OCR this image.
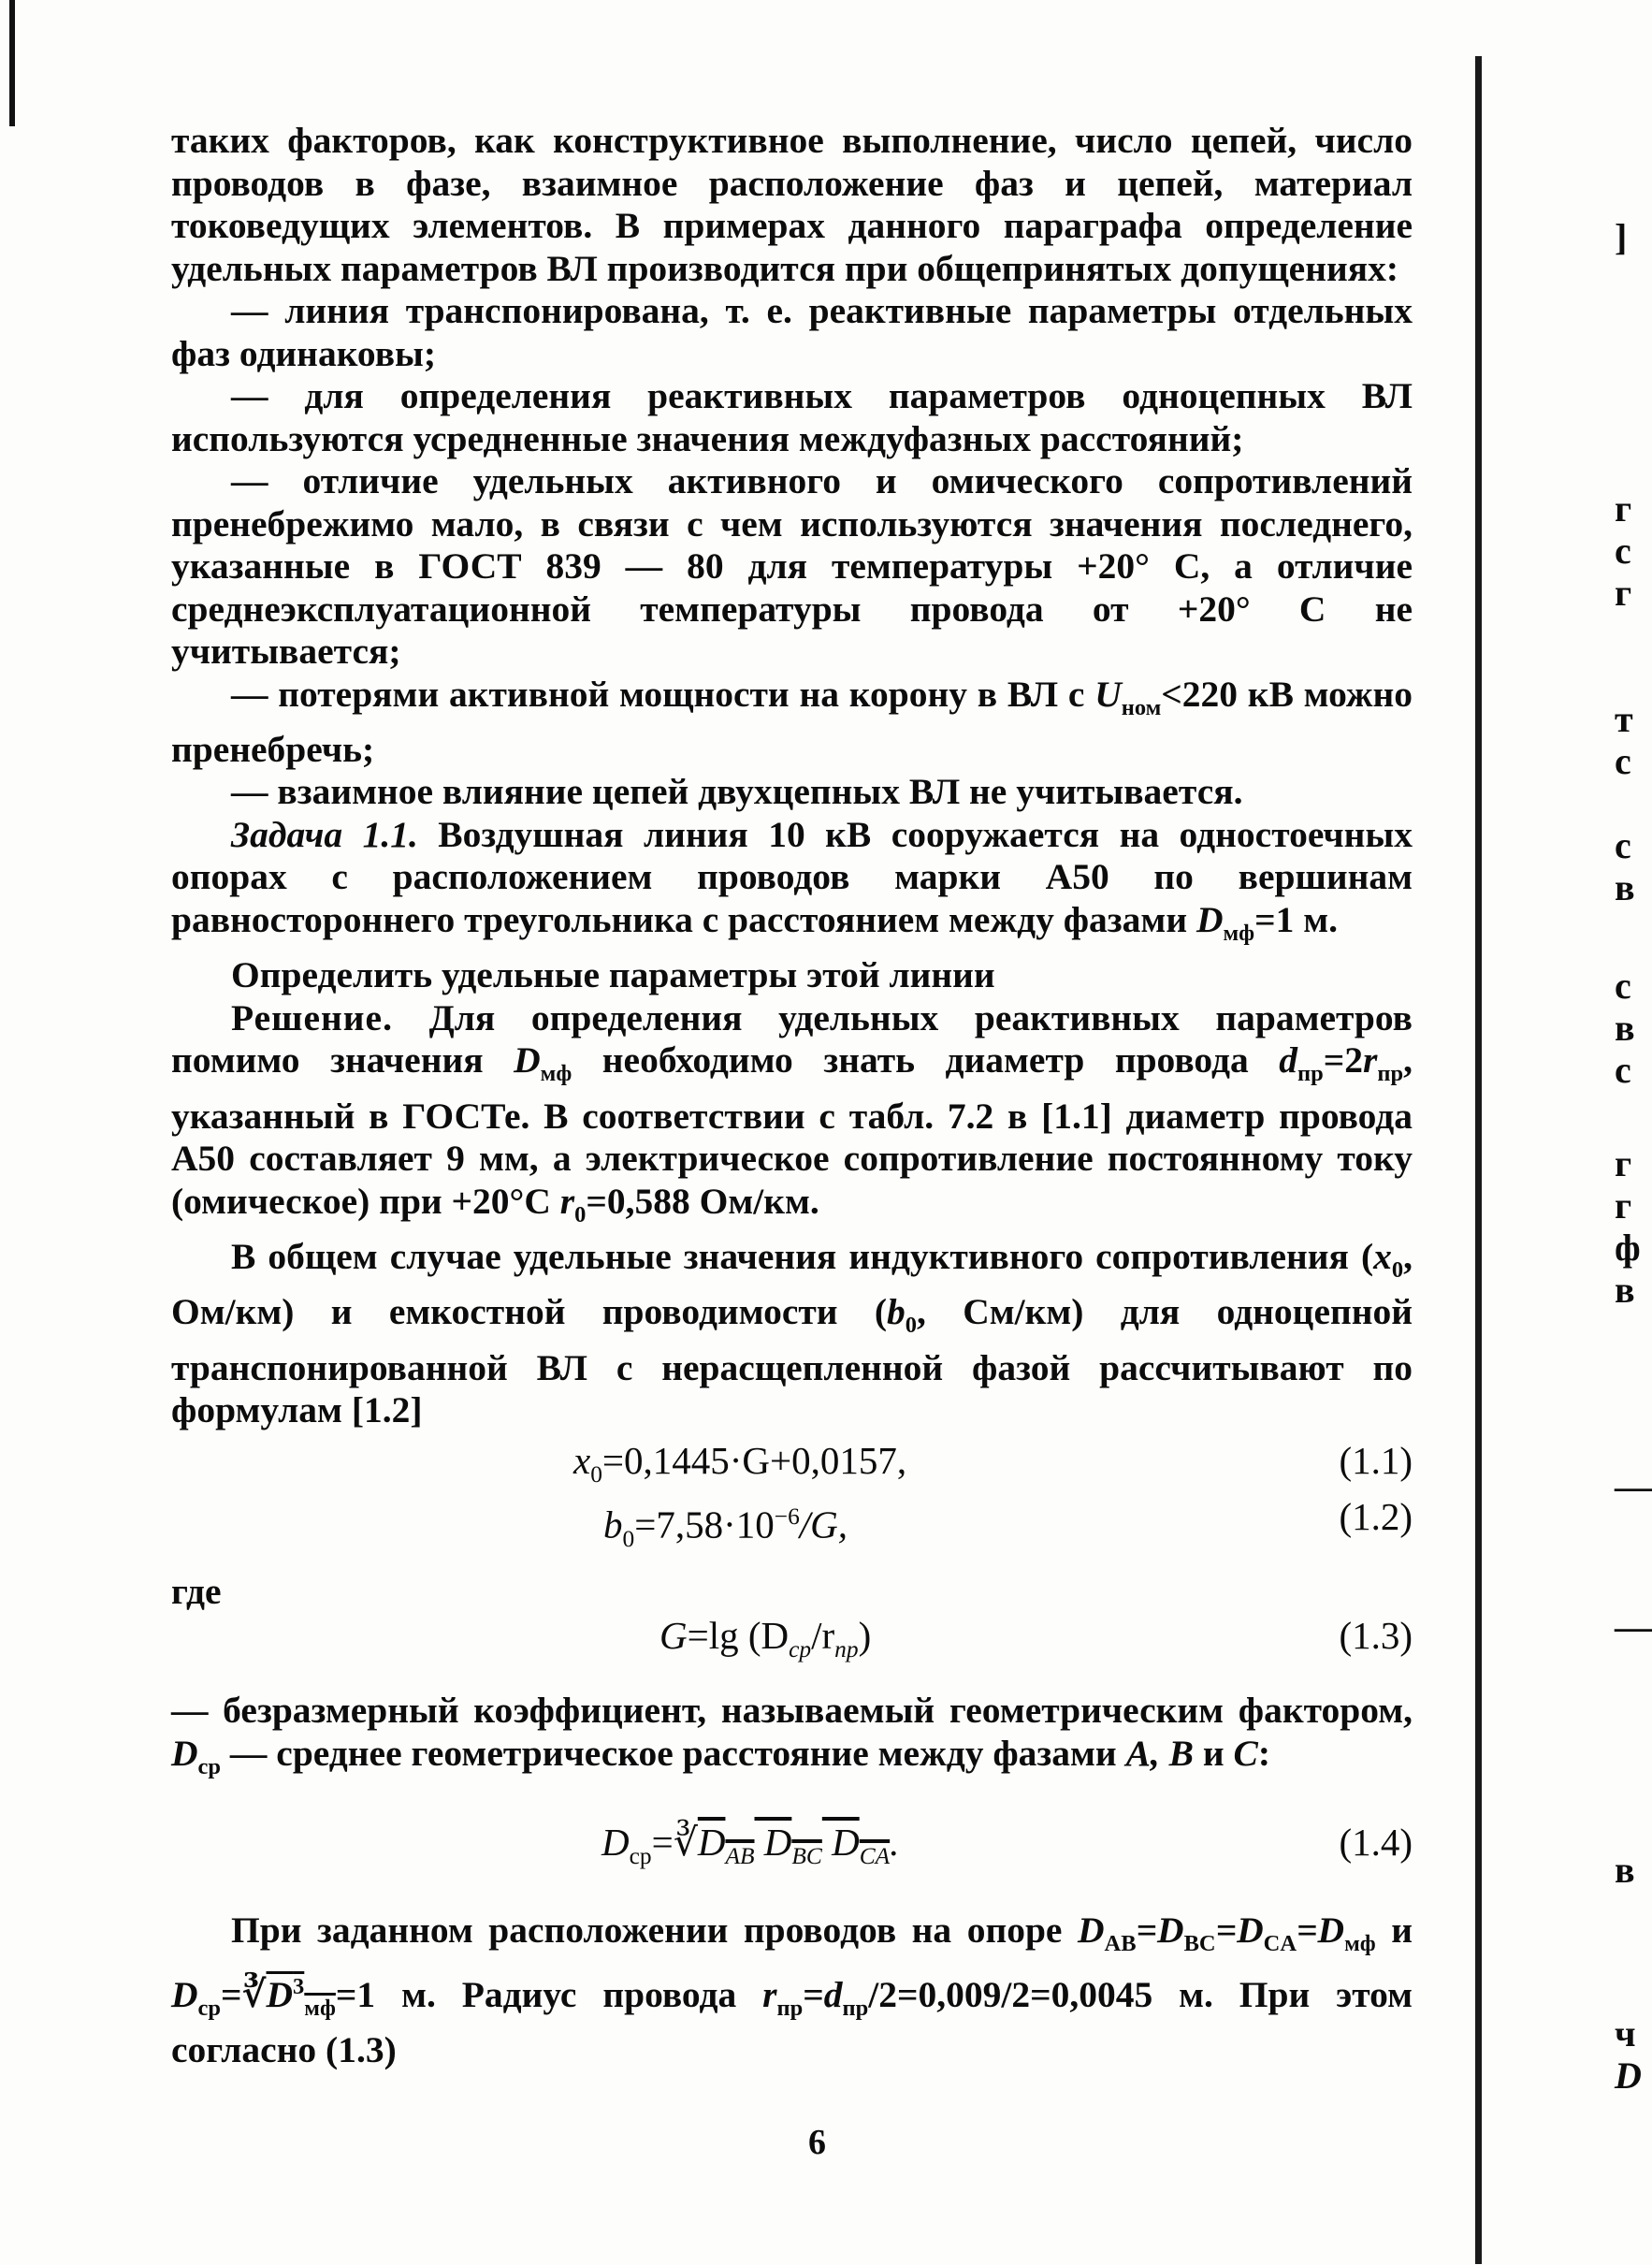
таких факторов, как конструктивное выполнение, число цепей, число проводов в фазе, взаимное расположение фаз и цепей, материал токоведущих элементов. В примерах данного параграфа определение удельных параметров ВЛ производится при общепринятых допущениях:

— линия транспонирована, т. е. реактивные параметры отдельных фаз одинаковы;

— для определения реактивных параметров одноцепных ВЛ используются усредненные значения междуфазных расстояний;

— отличие удельных активного и омического сопротивлений пренебрежимо мало, в связи с чем используются значения последнего, указанные в ГОСТ 839 — 80 для температуры +20° С, а отличие среднеэксплуатационной температуры провода от +20° С не учитывается;

— потерями активной мощности на корону в ВЛ с $U_{ном}<220$ кВ можно пренебречь;

— взаимное влияние цепей двухцепных ВЛ не учитывается.

Задача 1.1. Воздушная линия 10 кВ сооружается на одностоечных опорах с расположением проводов марки А50 по вершинам равностороннего треугольника с расстоянием между фазами $D_{мф}=1$ м.

Определить удельные параметры этой линии

Решение. Для определения удельных реактивных параметров помимо значения $D_{мф}$ необходимо знать диаметр провода $d_{пр}=2r_{пр}$, указанный в ГОСТе. В соответствии с табл. 7.2 в [1.1] диаметр провода А50 составляет 9 мм, а электрическое сопротивление постоянному току (омическое) при +20°С $r_0=0,588$ Ом/км.

В общем случае удельные значения индуктивного сопротивления ($x_0$, Ом/км) и емкостной проводимости ($b_0$, См/км) для одноцепной транспонированной ВЛ с нерасщепленной фазой рассчитывают по формулам [1.2]

$x_0=0,1445\cdot G+0,0157$,	(1.1)
$b_0=7,58\cdot 10^{-6}/G$,	(1.2)

где

G=lg $(D_{ср}/r_{пр})$	(1.3)

— безразмерный коэффициент, называемый геометрическим фактором, $D_{ср}$ — среднее геометрическое расстояние между фазами A, B и C:

$D_{ср}=∛D_{AB}$ $D_{BC}$ $D_{CA}$.	(1.4)

При заданном расположении проводов на опоре $D_{AB}=D_{BC}=D_{CA}=D_{мф}$ и $D_{ср}=∛D^3_{мф}=1$ м. Радиус провода $r_{пр}=d_{пр}/2=0,009/2=0,0045$ м. При этом согласно (1.3)

6
]
г
с
г
т
с
с
в
с
в
с
г
г
ф
в
—
—
в
ч
D
